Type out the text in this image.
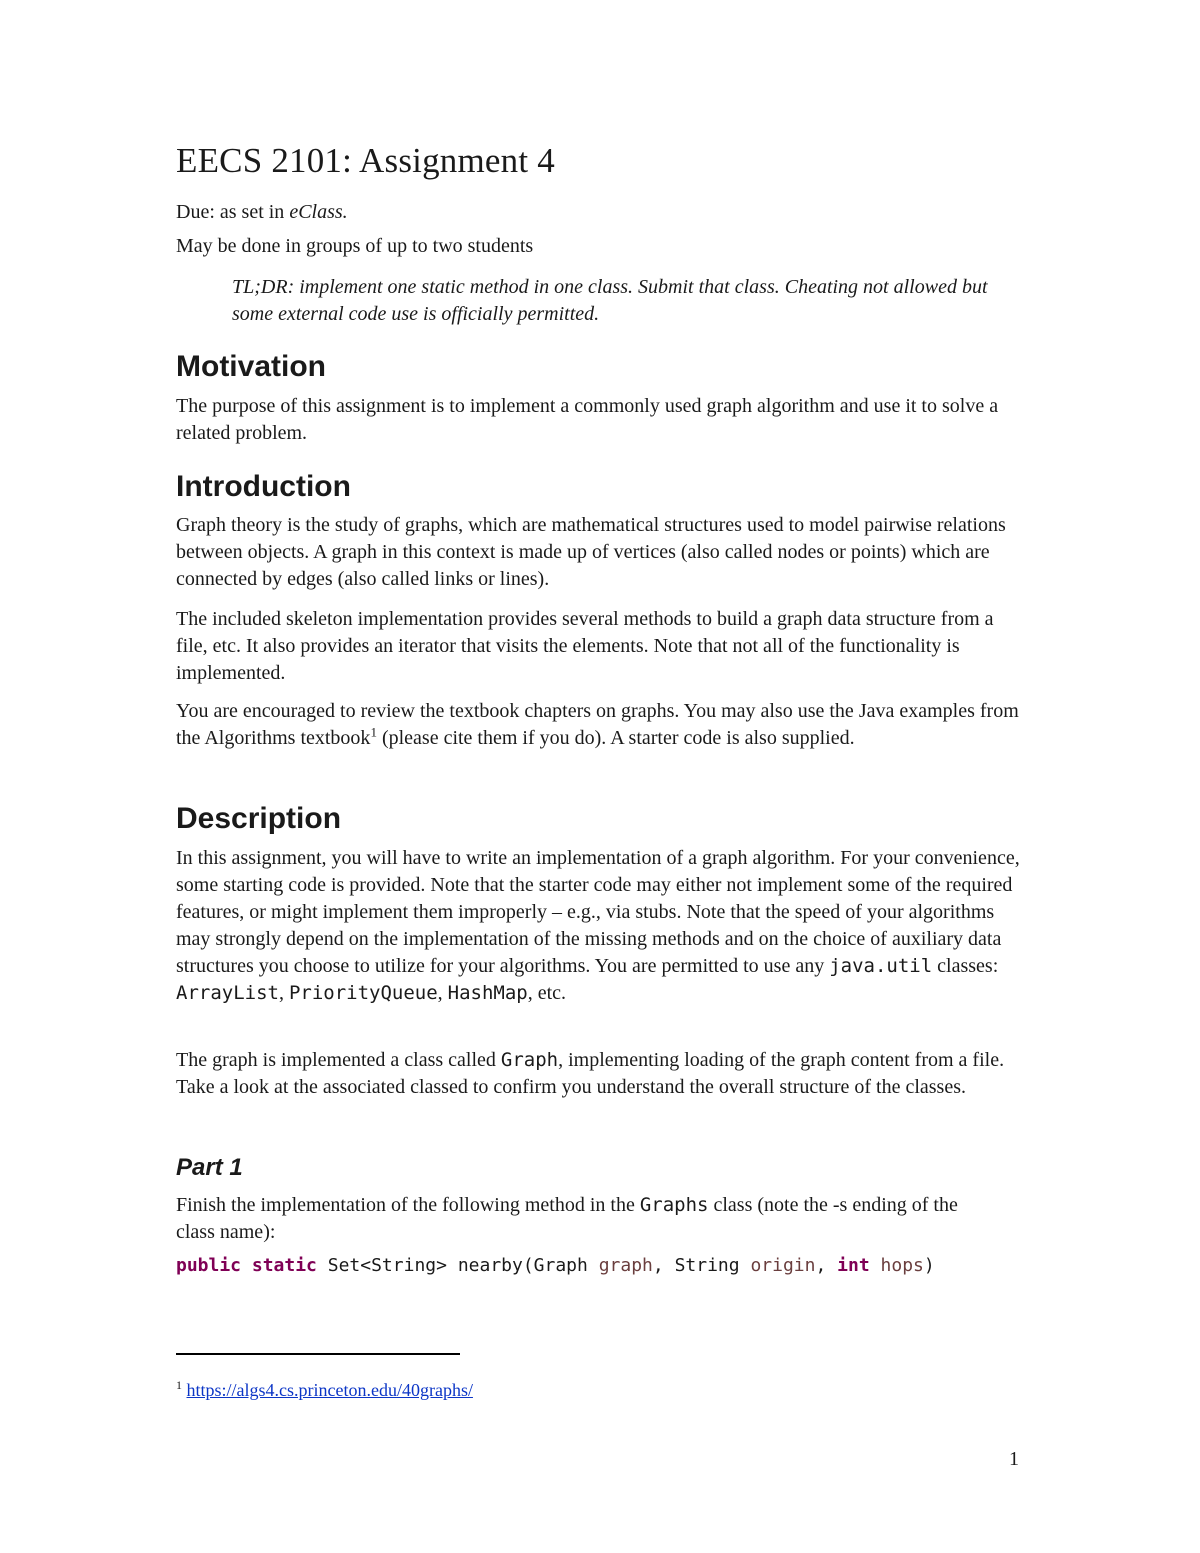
EECS 2101: Assignment 4

Due: as set in eClass.

May be done in groups of up to two students

TL;DR: implement one static method in one class. Submit that class. Cheating not allowed but some external code use is officially permitted.

Motivation

The purpose of this assignment is to implement a commonly used graph algorithm and use it to solve a related problem.

Introduction

Graph theory is the study of graphs, which are mathematical structures used to model pairwise relations between objects. A graph in this context is made up of vertices (also called nodes or points) which are connected by edges (also called links or lines).

The included skeleton implementation provides several methods to build a graph data structure from a file, etc. It also provides an iterator that visits the elements. Note that not all of the functionality is implemented.

You are encouraged to review the textbook chapters on graphs. You may also use the Java examples from the Algorithms textbook$^1$ (please cite them if you do). A starter code is also supplied.

Description

In this assignment, you will have to write an implementation of a graph algorithm. For your convenience, some starting code is provided. Note that the starter code may either not implement some of the required features, or might implement them improperly – e.g., via stubs. Note that the speed of your algorithms may strongly depend on the implementation of the missing methods and on the choice of auxiliary data structures you choose to utilize for your algorithms. You are permitted to use any java.util classes: ArrayList, PriorityQueue, HashMap, etc.

The graph is implemented a class called Graph, implementing loading of the graph content from a file. Take a look at the associated classed to confirm you understand the overall structure of the classes.

Part 1

Finish the implementation of the following method in the Graphs class (note the -s ending of the class name):

public static Set<String> nearby(Graph graph, String origin, int hops)

$^1$ https://algs4.cs.princeton.edu/40graphs/

1
